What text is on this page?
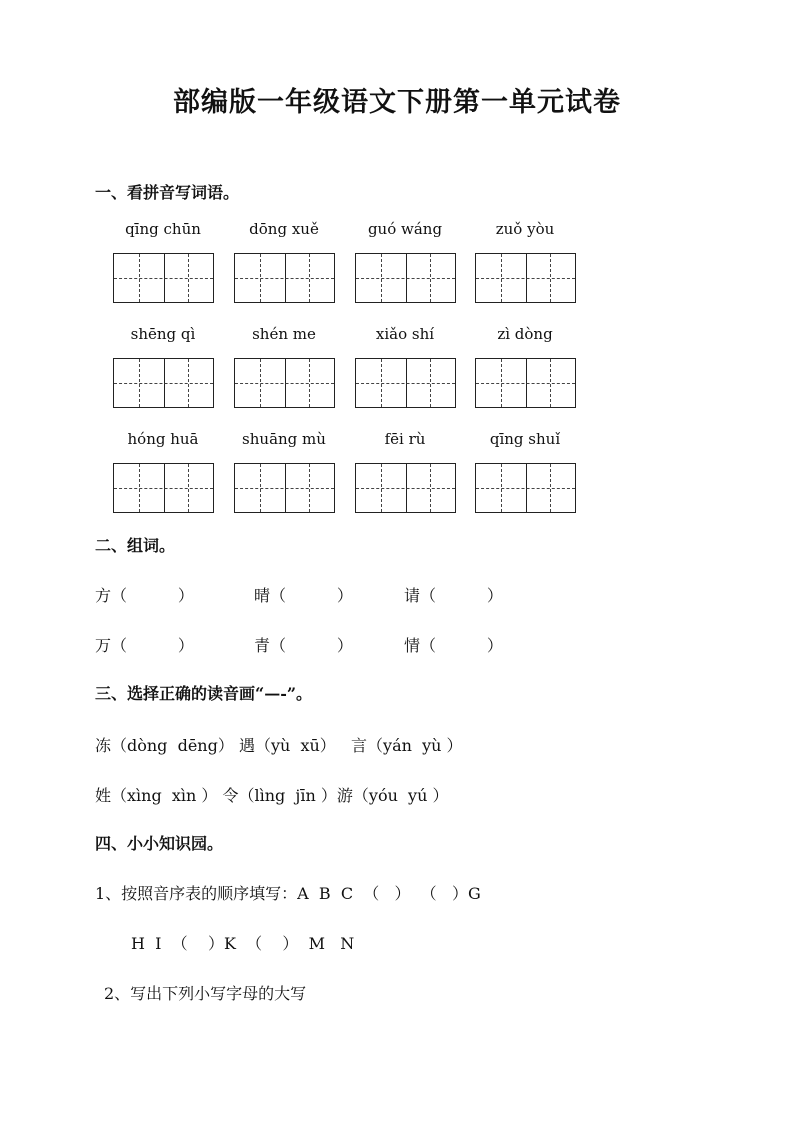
部编版一年级语文下册第一单元试卷
一、看拼音写词语。
qīng chūn	dōng xuě	guó wáng	zuǒ yòu
shēng qì	shén me	xiǎo shí	zì dòng
hóng huā	shuāng mù	fēi rù	qīng shuǐ
二、组词。
方（          ）	晴（          ）	请（          ）
万（          ）	青（          ）	情（          ）
三、选择正确的读音画“—-”。
冻（dòng  dēng） 遇（yù  xū）   言（yán  yù ）
姓（xìng  xìn ） 令（lìng  jīn ）游（yóu  yú ）
四、小小知识园。
1、按照音序表的顺序填写：A  B  C  （   ）  （   ）G
H  I  （    ）K  （    ）  M   N
2、写出下列小写字母的大写
